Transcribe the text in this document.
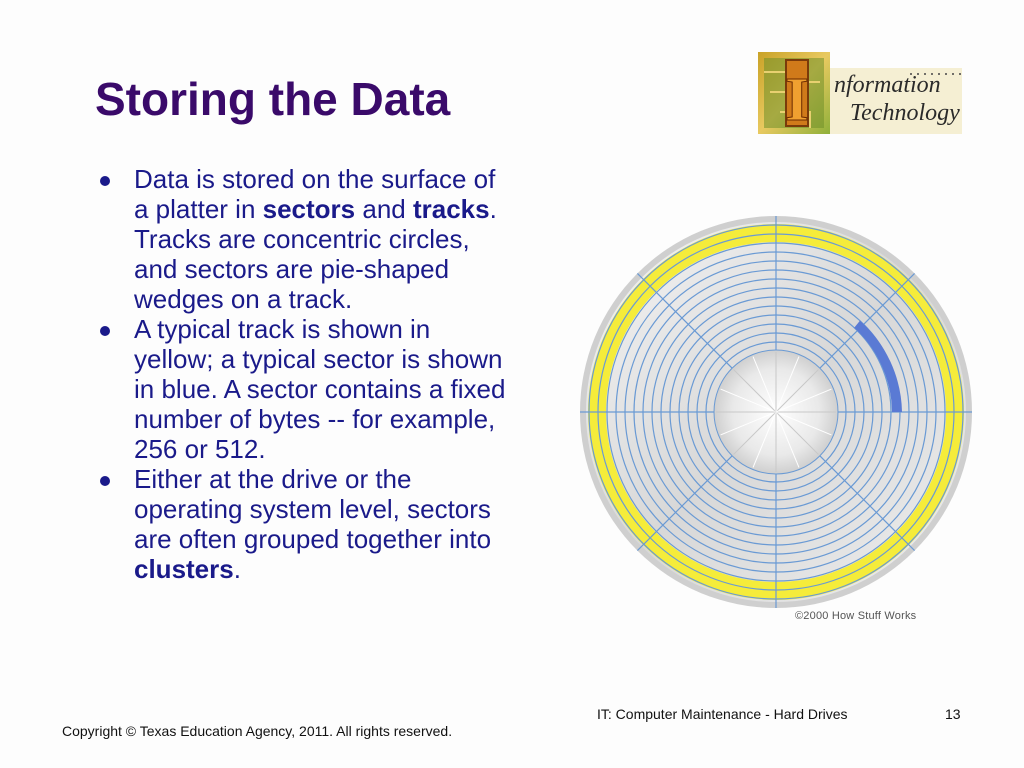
Storing the Data	I nformation
Technology
Data is stored on the surface of a platter in sectors and tracks. Tracks are concentric circles, and sectors are pie-shaped wedges on a track.
A typical track is shown in yellow; a typical sector is shown in blue. A sector contains a fixed number of bytes -- for example, 256 or 512.
Either at the drive or the operating system level, sectors are often grouped together into clusters.
©2000 How Stuff Works
IT: Computer Maintenance - Hard Drives	13
Copyright © Texas Education Agency, 2011. All rights reserved.
